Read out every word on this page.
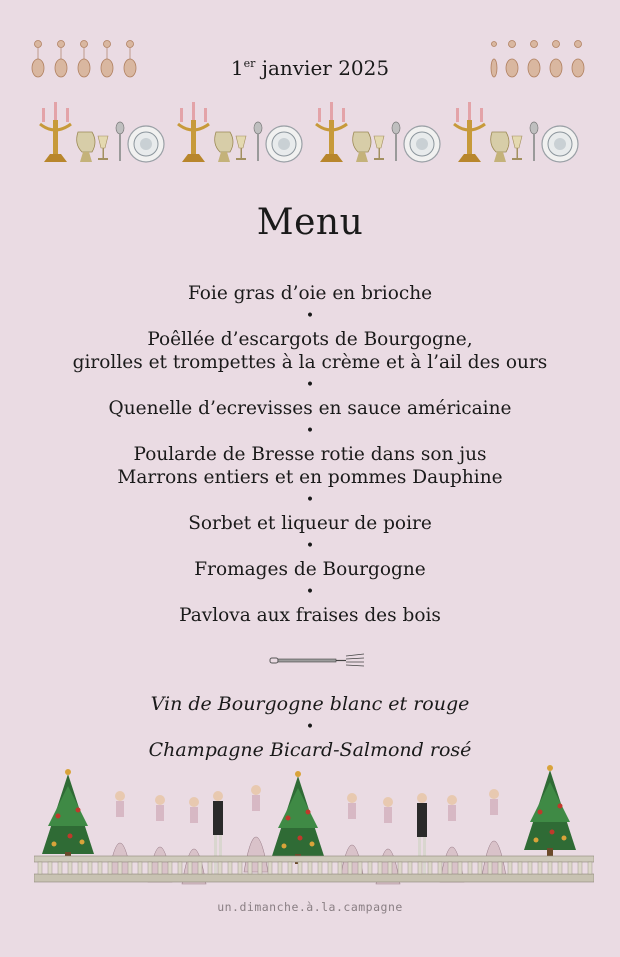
1er janvier 2025
Menu
Foie gras d’oie en brioche
•
Poêllée d’escargots de Bourgogne,
girolles et trompettes à la crème et à l’ail des ours
•
Quenelle d’ecrevisses en sauce américaine
•
Poularde de Bresse rotie dans son jus
Marrons entiers et en pommes Dauphine
•
Sorbet et liqueur de poire
•
Fromages de Bourgogne
•
Pavlova aux fraises des bois
Vin de Bourgogne blanc et rouge
•
Champagne Bicard-Salmond rosé
un.dimanche.à.la.campagne
